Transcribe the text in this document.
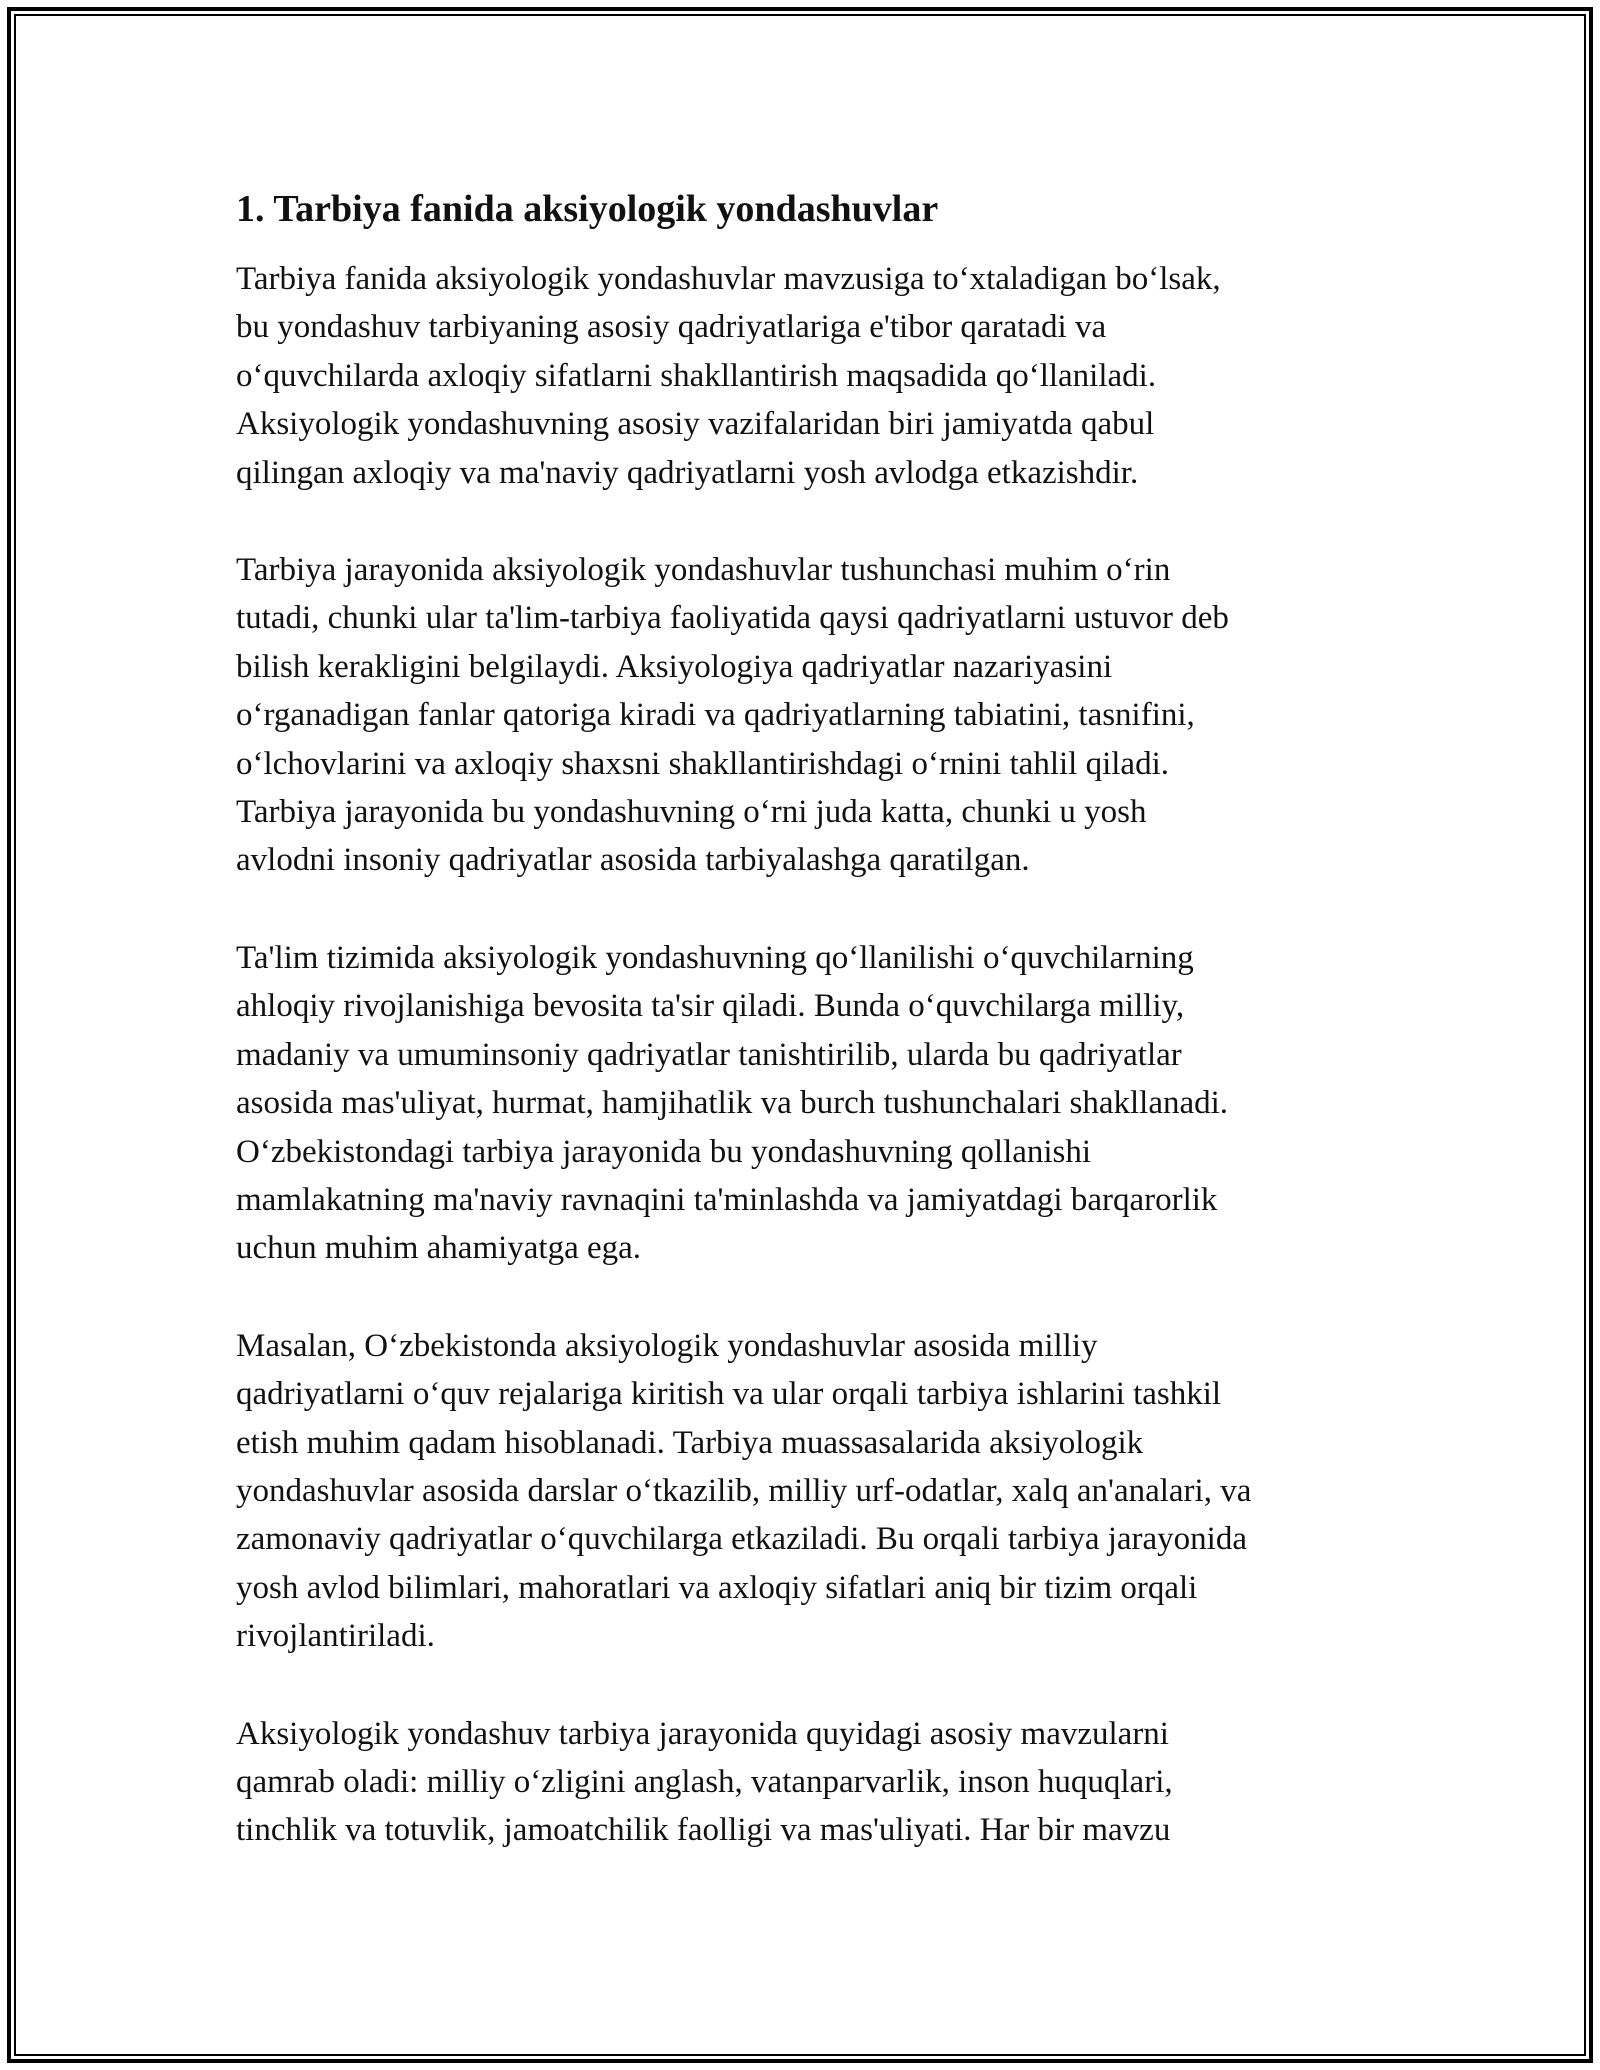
1. Tarbiya fanida aksiyologik yondashuvlar

Tarbiya fanida aksiyologik yondashuvlar mavzusiga to‘xtaladigan bo‘lsak,
bu yondashuv tarbiyaning asosiy qadriyatlariga e'tibor qaratadi va
o‘quvchilarda axloqiy sifatlarni shakllantirish maqsadida qo‘llaniladi.
Aksiyologik yondashuvning asosiy vazifalaridan biri jamiyatda qabul
qilingan axloqiy va ma'naviy qadriyatlarni yosh avlodga etkazishdir.

Tarbiya jarayonida aksiyologik yondashuvlar tushunchasi muhim o‘rin
tutadi, chunki ular ta'lim-tarbiya faoliyatida qaysi qadriyatlarni ustuvor deb
bilish kerakligini belgilaydi. Aksiyologiya qadriyatlar nazariyasini
o‘rganadigan fanlar qatoriga kiradi va qadriyatlarning tabiatini, tasnifini,
o‘lchovlarini va axloqiy shaxsni shakllantirishdagi o‘rnini tahlil qiladi.
Tarbiya jarayonida bu yondashuvning o‘rni juda katta, chunki u yosh
avlodni insoniy qadriyatlar asosida tarbiyalashga qaratilgan.

Ta'lim tizimida aksiyologik yondashuvning qo‘llanilishi o‘quvchilarning
ahloqiy rivojlanishiga bevosita ta'sir qiladi. Bunda o‘quvchilarga milliy,
madaniy va umuminsoniy qadriyatlar tanishtirilib, ularda bu qadriyatlar
asosida mas'uliyat, hurmat, hamjihatlik va burch tushunchalari shakllanadi.
O‘zbekistondagi tarbiya jarayonida bu yondashuvning qollanishi
mamlakatning ma'naviy ravnaqini ta'minlashda va jamiyatdagi barqarorlik
uchun muhim ahamiyatga ega.

Masalan, O‘zbekistonda aksiyologik yondashuvlar asosida milliy
qadriyatlarni o‘quv rejalariga kiritish va ular orqali tarbiya ishlarini tashkil
etish muhim qadam hisoblanadi. Tarbiya muassasalarida aksiyologik
yondashuvlar asosida darslar o‘tkazilib, milliy urf-odatlar, xalq an'analari, va
zamonaviy qadriyatlar o‘quvchilarga etkaziladi. Bu orqali tarbiya jarayonida
yosh avlod bilimlari, mahoratlari va axloqiy sifatlari aniq bir tizim orqali
rivojlantiriladi.

Aksiyologik yondashuv tarbiya jarayonida quyidagi asosiy mavzularni
qamrab oladi: milliy o‘zligini anglash, vatanparvarlik, inson huquqlari,
tinchlik va totuvlik, jamoatchilik faolligi va mas'uliyati. Har bir mavzu
